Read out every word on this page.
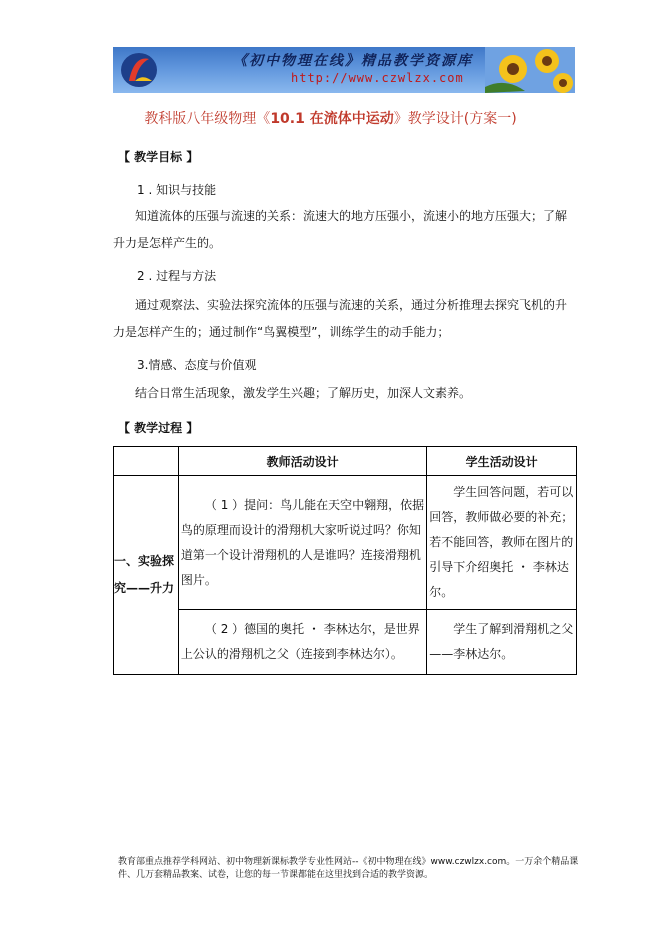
《初中物理在线》精品教学资源库
http://www.czwlzx.com
教科版八年级物理《10.1 在流体中运动》教学设计(方案一)
【 教学目标 】
1 . 知识与技能
知道流体的压强与流速的关系：流速大的地方压强小，流速小的地方压强大；了解升力是怎样产生的。
2 . 过程与方法
通过观察法、实验法探究流体的压强与流速的关系，通过分析推理去探究飞机的升力是怎样产生的；通过制作“鸟翼模型”，训练学生的动手能力；
3.情感、态度与价值观
结合日常生活现象，激发学生兴趣；了解历史，加深人文素养。
【 教学过程 】
	教师活动设计	学生活动设计
一、实验探究——升力	（ 1 ）提问：鸟儿能在天空中翱翔，依据鸟的原理而设计的滑翔机大家听说过吗？你知道第一个设计滑翔机的人是谁吗？连接滑翔机图片。	学生回答问题，若可以回答，教师做必要的补充；若不能回答，教师在图片的引导下介绍奥托 ・ 李林达尔。

	（ 2 ）德国的奥托 ・ 李林达尔，是世界上公认的滑翔机之父（连接到李林达尔）。	学生了解到滑翔机之父——李林达尔。
教育部重点推荐学科网站、初中物理新课标教学专业性网站--《初中物理在线》www.czwlzx.com。一万余个精品课件、几万套精品教案、试卷，让您的每一节课都能在这里找到合适的教学资源。
